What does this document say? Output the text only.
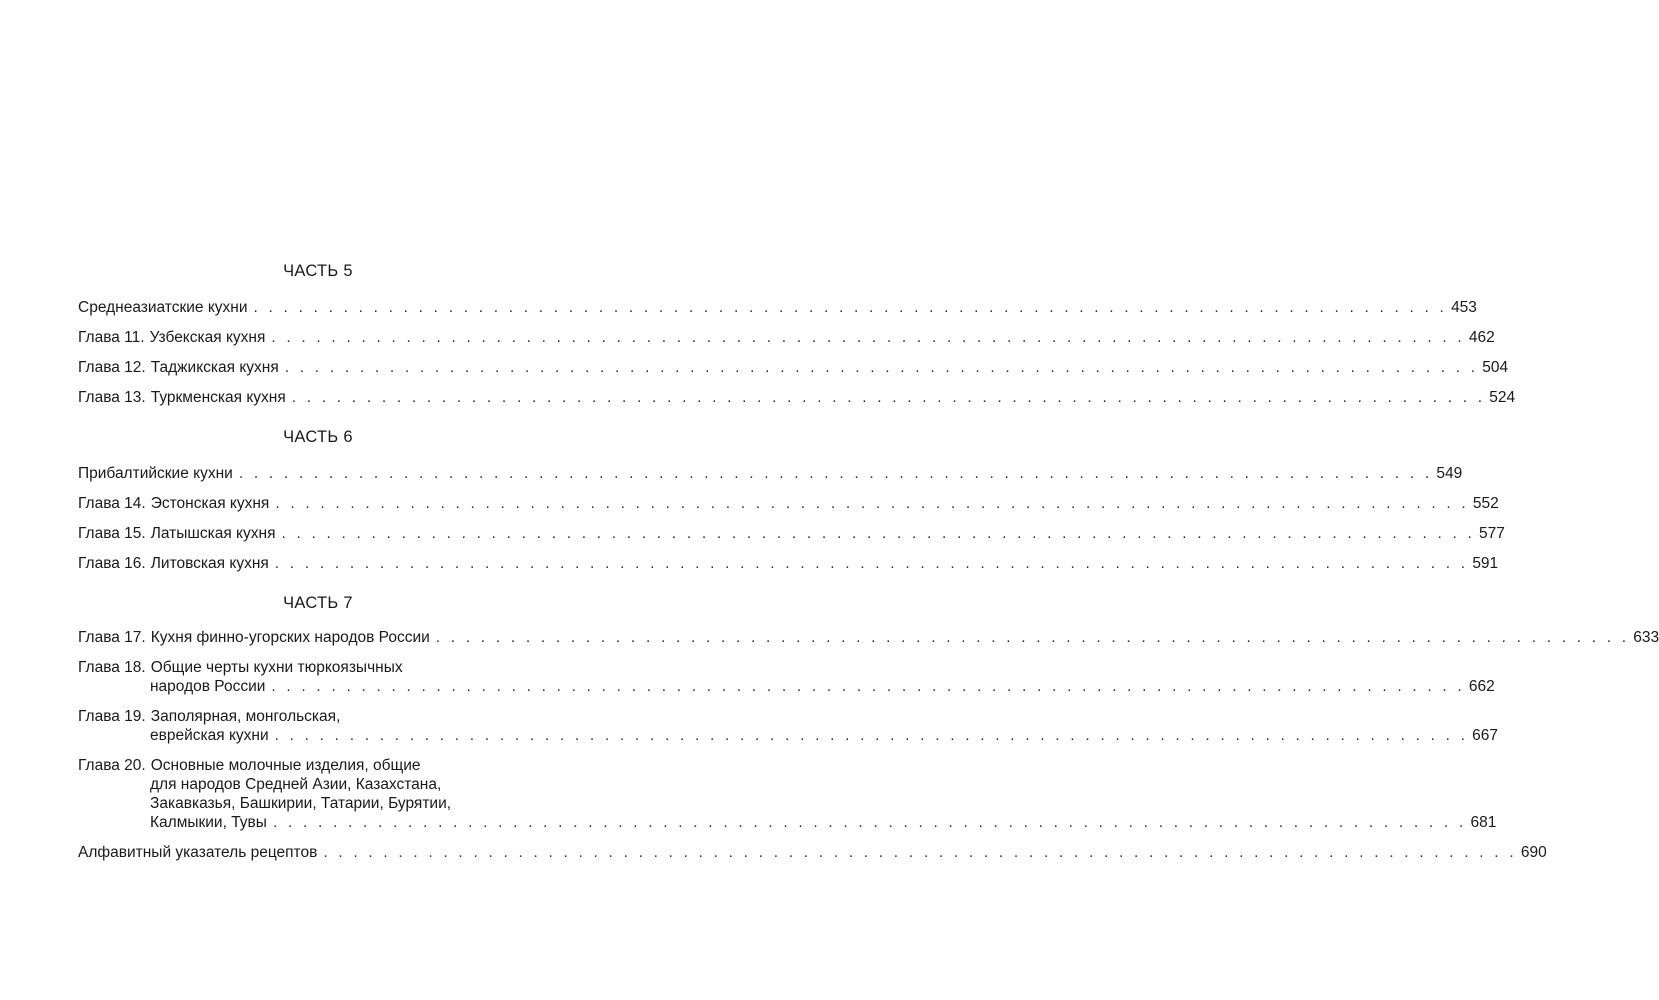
ЧАСТЬ 5
Среднеазиатские кухни . . . . . . . . . . . . . . . . . . . . . . . . . . . . . . . . . . . . . . . . . . . . . . . . . . . . . . . . . . . . . . . . . . . . . . . . . . . . . . . . 453
Глава 11. Узбекская кухня . . . . . . . . . . . . . . . . . . . . . . . . . . . . . . . . . . . . . . . . . . . . . . . . . . . . . . . . . . . . . . . . . . . . . . . . . . . . . . . . 462
Глава 12. Таджикская кухня . . . . . . . . . . . . . . . . . . . . . . . . . . . . . . . . . . . . . . . . . . . . . . . . . . . . . . . . . . . . . . . . . . . . . . . . . . . . . . . . 504
Глава 13. Туркменская кухня . . . . . . . . . . . . . . . . . . . . . . . . . . . . . . . . . . . . . . . . . . . . . . . . . . . . . . . . . . . . . . . . . . . . . . . . . . . . . . . . 524
ЧАСТЬ 6
Прибалтийские кухни . . . . . . . . . . . . . . . . . . . . . . . . . . . . . . . . . . . . . . . . . . . . . . . . . . . . . . . . . . . . . . . . . . . . . . . . . . . . . . . . 549
Глава 14. Эстонская кухня . . . . . . . . . . . . . . . . . . . . . . . . . . . . . . . . . . . . . . . . . . . . . . . . . . . . . . . . . . . . . . . . . . . . . . . . . . . . . . . . 552
Глава 15. Латышская кухня . . . . . . . . . . . . . . . . . . . . . . . . . . . . . . . . . . . . . . . . . . . . . . . . . . . . . . . . . . . . . . . . . . . . . . . . . . . . . . . . 577
Глава 16. Литовская кухня . . . . . . . . . . . . . . . . . . . . . . . . . . . . . . . . . . . . . . . . . . . . . . . . . . . . . . . . . . . . . . . . . . . . . . . . . . . . . . . . 591
ЧАСТЬ 7
Глава 17. Кухня финно-угорских народов России . . . . . . . . . . . . . . . . . . . . . . . . . . . . . . . . . . . . . . . . . . . . . . . . . . . . . . . . . . . . . . . . . . . . . . . . . . . . . . . . 633
Глава 18. Общие черты кухни тюркоязычных
народов России . . . . . . . . . . . . . . . . . . . . . . . . . . . . . . . . . . . . . . . . . . . . . . . . . . . . . . . . . . . . . . . . . . . . . . . . . . . . . . . . 662
Глава 19. Заполярная, монгольская,
еврейская кухни . . . . . . . . . . . . . . . . . . . . . . . . . . . . . . . . . . . . . . . . . . . . . . . . . . . . . . . . . . . . . . . . . . . . . . . . . . . . . . . . 667
Глава 20. Основные молочные изделия, общие
для народов Средней Азии, Казахстана,
Закавказья, Башкирии, Татарии, Бурятии,
Калмыкии, Тувы . . . . . . . . . . . . . . . . . . . . . . . . . . . . . . . . . . . . . . . . . . . . . . . . . . . . . . . . . . . . . . . . . . . . . . . . . . . . . . . . 681
Алфавитный указатель рецептов . . . . . . . . . . . . . . . . . . . . . . . . . . . . . . . . . . . . . . . . . . . . . . . . . . . . . . . . . . . . . . . . . . . . . . . . . . . . . . . . 690
